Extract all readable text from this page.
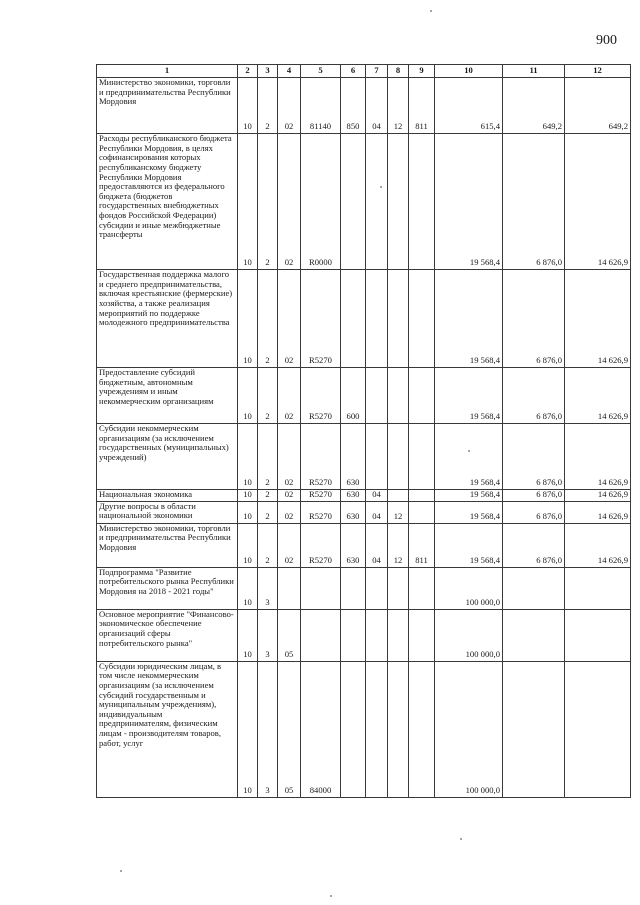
900
1	2	3	4	5	6	7	8	9	10	11	12
Министерство экономики, торговли и предпринимательства Республики Мордовия	10	2	02	81140	850	04	12	811	615,4	649,2	649,2
Расходы республиканского бюджета Республики Мордовия, в целях софинансирования которых республиканскому бюджету Республики Мордовия предоставляются из федерального бюджета (бюджетов государственных внебюджетных фондов Российской Федерации) субсидии и иные межбюджетные трансферты	10	2	02	R0000					19 568,4	6 876,0	14 626,9
Государственная поддержка малого и среднего предпринимательства, включая крестьянские (фермерские) хозяйства, а также реализация мероприятий по поддержке молодежного предпринимательства	10	2	02	R5270					19 568,4	6 876,0	14 626,9
Предоставление субсидий бюджетным, автономным учреждениям и иным некоммерческим организациям	10	2	02	R5270	600				19 568,4	6 876,0	14 626,9
Субсидии некоммерческим организациям (за исключением государственных (муниципальных) учреждений)	10	2	02	R5270	630				19 568,4	6 876,0	14 626,9
Национальная экономика	10	2	02	R5270	630	04			19 568,4	6 876,0	14 626,9
Другие вопросы в области национальной экономики	10	2	02	R5270	630	04	12		19 568,4	6 876,0	14 626,9
Министерство экономики, торговли и предпринимательства Республики Мордовия	10	2	02	R5270	630	04	12	811	19 568,4	6 876,0	14 626,9
Подпрограмма "Развитие потребительского рынка Республики Мордовия на 2018 - 2021 годы"	10	3							100 000,0		
Основное мероприятие "Финансово-экономическое обеспечение организаций сферы потребительского рынка"	10	3	05						100 000,0		
Субсидии юридическим лицам, в том числе некоммерческим организациям (за исключением субсидий государственным и муниципальным учреждениям), индивидуальным предпринимателям, физическим лицам - производителям товаров, работ, услуг	10	3	05	84000					100 000,0		
